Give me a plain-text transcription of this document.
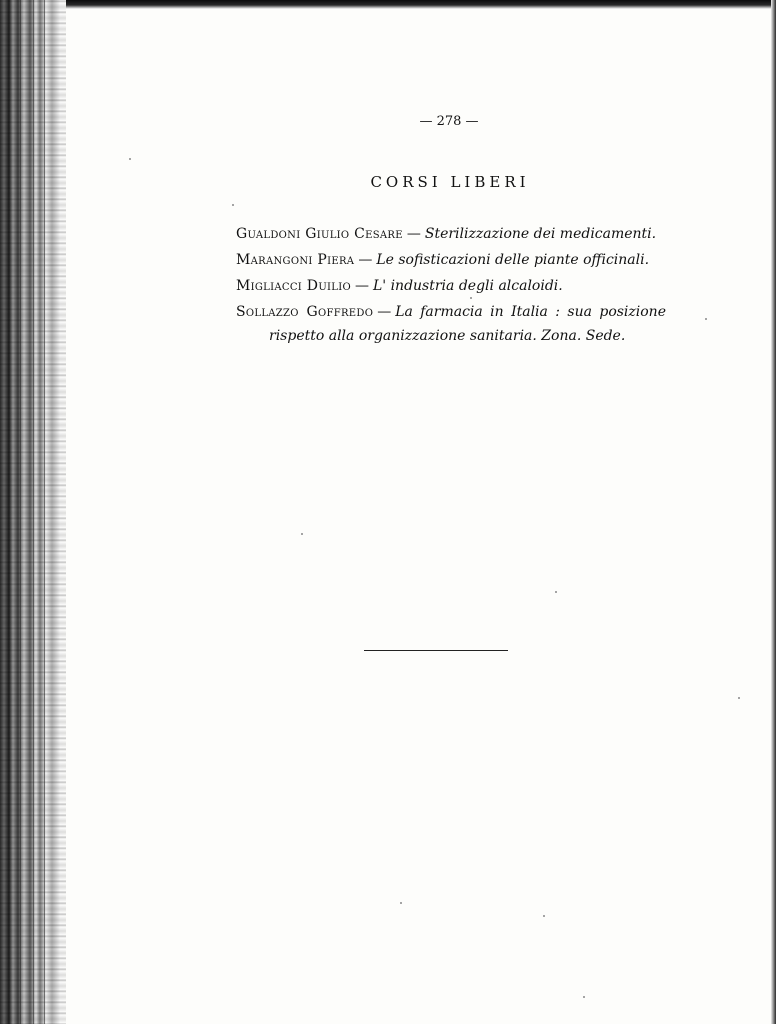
— 278 —
CORSI LIBERI

Gualdoni Giulio Cesare — Sterilizzazione dei medicamenti.

Marangoni Piera — Le sofisticazioni delle piante officinali.

Migliacci Duilio — L' industria degli alcaloidi.

Sollazzo Goffredo — La farmacia in Italia : sua posizione rispetto alla organizzazione sanitaria. Zona. Sede.
